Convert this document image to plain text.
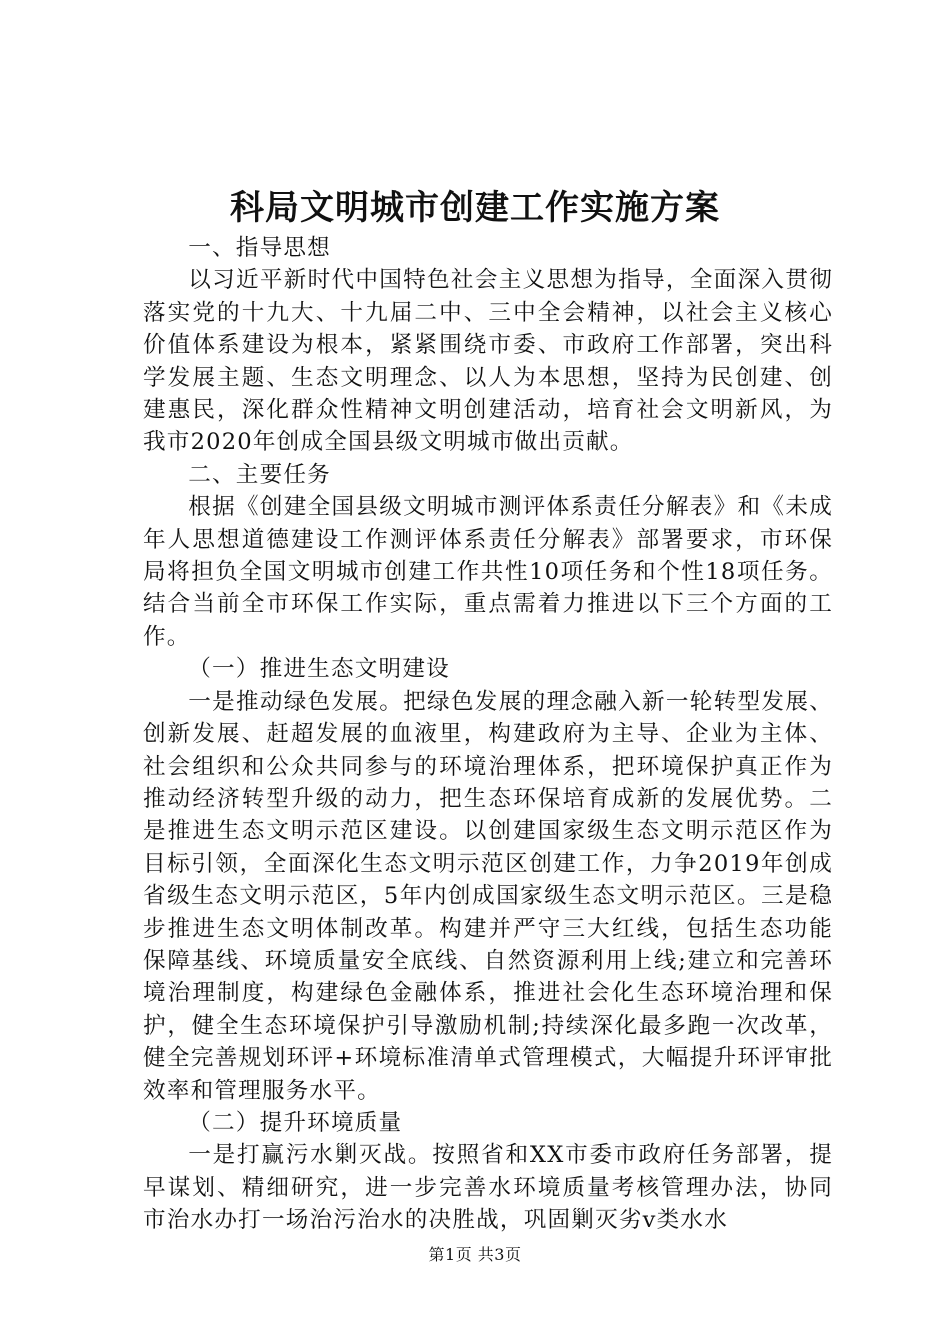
科局文明城市创建工作实施方案

一、指导思想

以习近平新时代中国特色社会主义思想为指导，全面深入贯彻落实党的十九大、十九届二中、三中全会精神，以社会主义核心价值体系建设为根本，紧紧围绕市委、市政府工作部署，突出科学发展主题、生态文明理念、以人为本思想，坚持为民创建、创建惠民，深化群众性精神文明创建活动，培育社会文明新风，为我市2020年创成全国县级文明城市做出贡献。

二、主要任务

根据《创建全国县级文明城市测评体系责任分解表》和《未成年人思想道德建设工作测评体系责任分解表》部署要求，市环保局将担负全国文明城市创建工作共性10项任务和个性18项任务。结合当前全市环保工作实际，重点需着力推进以下三个方面的工作。

（一）推进生态文明建设

一是推动绿色发展。把绿色发展的理念融入新一轮转型发展、创新发展、赶超发展的血液里，构建政府为主导、企业为主体、社会组织和公众共同参与的环境治理体系，把环境保护真正作为推动经济转型升级的动力，把生态环保培育成新的发展优势。二是推进生态文明示范区建设。以创建国家级生态文明示范区作为目标引领，全面深化生态文明示范区创建工作，力争2019年创成省级生态文明示范区，5年内创成国家级生态文明示范区。三是稳步推进生态文明体制改革。构建并严守三大红线，包括生态功能保障基线、环境质量安全底线、自然资源利用上线;建立和完善环境治理制度，构建绿色金融体系，推进社会化生态环境治理和保护，健全生态环境保护引导激励机制;持续深化最多跑一次改革，健全完善规划环评+环境标准清单式管理模式，大幅提升环评审批效率和管理服务水平。

（二）提升环境质量

一是打赢污水剿灭战。按照省和XX市委市政府任务部署，提早谋划、精细研究，进一步完善水环境质量考核管理办法，协同市治水办打一场治污治水的决胜战，巩固剿灭劣v类水水

第1页 共3页
